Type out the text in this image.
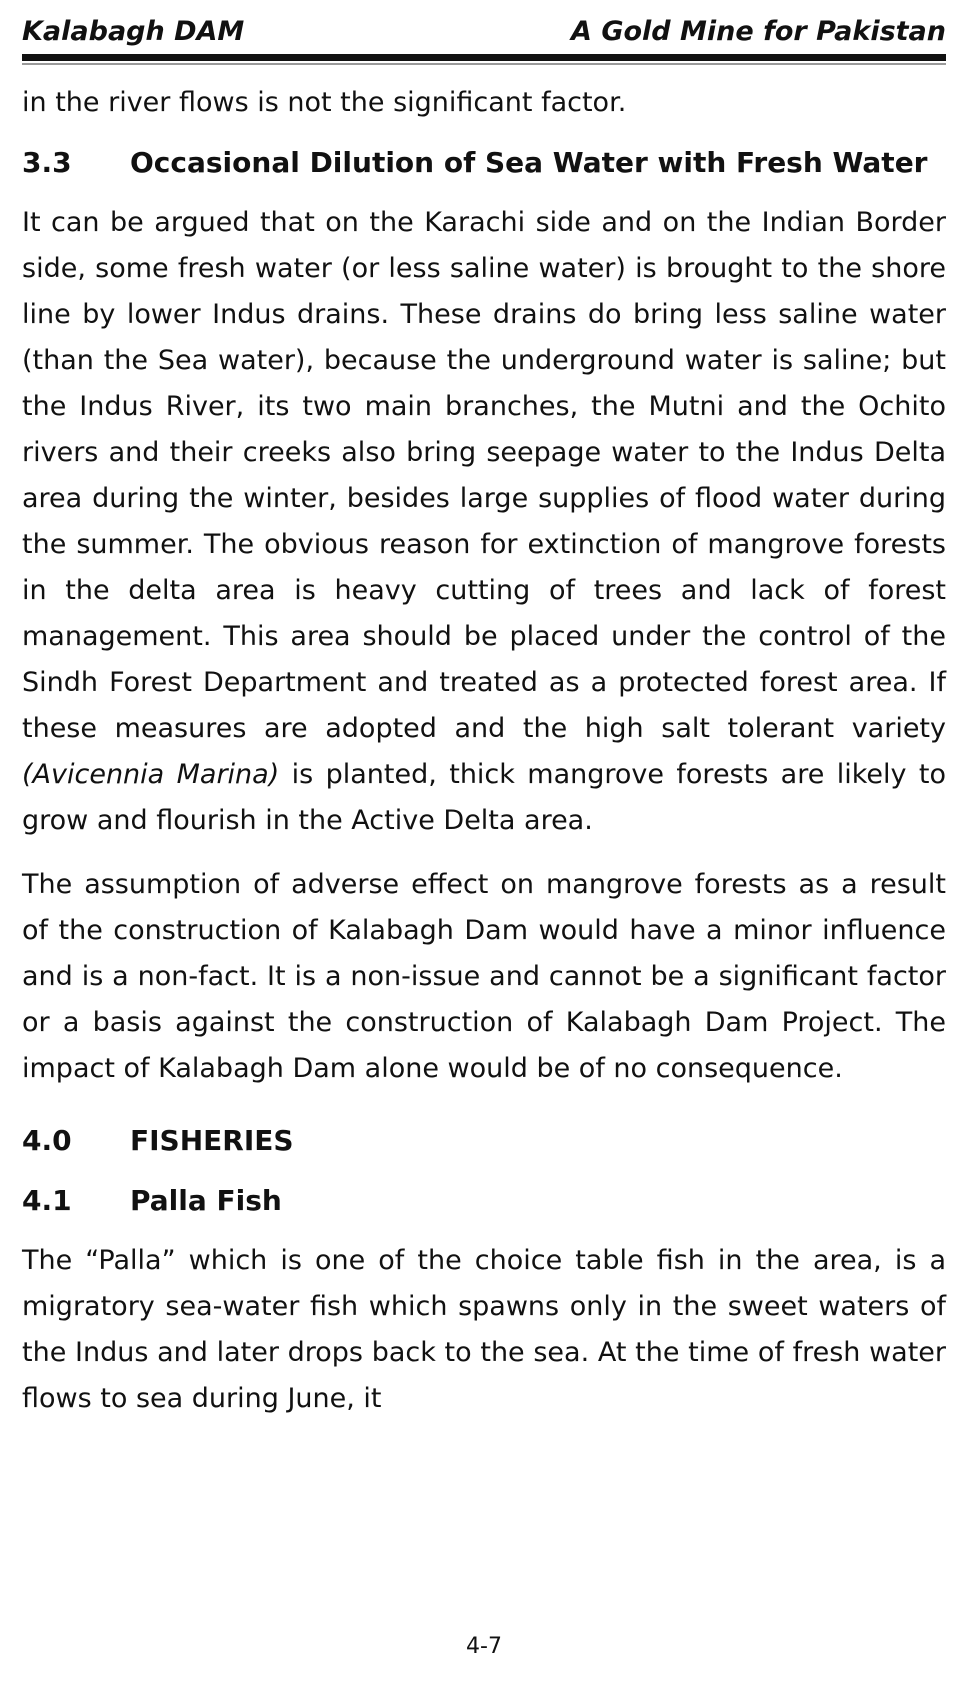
Kalabagh DAM	A Gold Mine for Pakistan

in the river flows is not the significant factor.

3.3	Occasional Dilution of Sea Water with Fresh Water

It can be argued that on the Karachi side and on the Indian Border side, some fresh water (or less saline water) is brought to the shore line by lower Indus drains. These drains do bring less saline water (than the Sea water), because the underground water is saline; but the Indus River, its two main branches, the Mutni and the Ochito rivers and their creeks also bring seepage water to the Indus Delta area during the winter, besides large supplies of flood water during the summer. The obvious reason for extinction of mangrove forests in the delta area is heavy cutting of trees and lack of forest management. This area should be placed under the control of the Sindh Forest Department and treated as a protected forest area. If these measures are adopted and the high salt tolerant variety (Avicennia Marina) is planted, thick mangrove forests are likely to grow and flourish in the Active Delta area.

The assumption of adverse effect on mangrove forests as a result of the construction of Kalabagh Dam would have a minor influence and is a non-fact. It is a non-issue and cannot be a significant factor or a basis against the construction of Kalabagh Dam Project. The impact of Kalabagh Dam alone would be of no consequence.

4.0	FISHERIES
4.1	Palla Fish

The “Palla” which is one of the choice table fish in the area, is a migratory sea-water fish which spawns only in the sweet waters of the Indus and later drops back to the sea. At the time of fresh water flows to sea during June, it

4-7
